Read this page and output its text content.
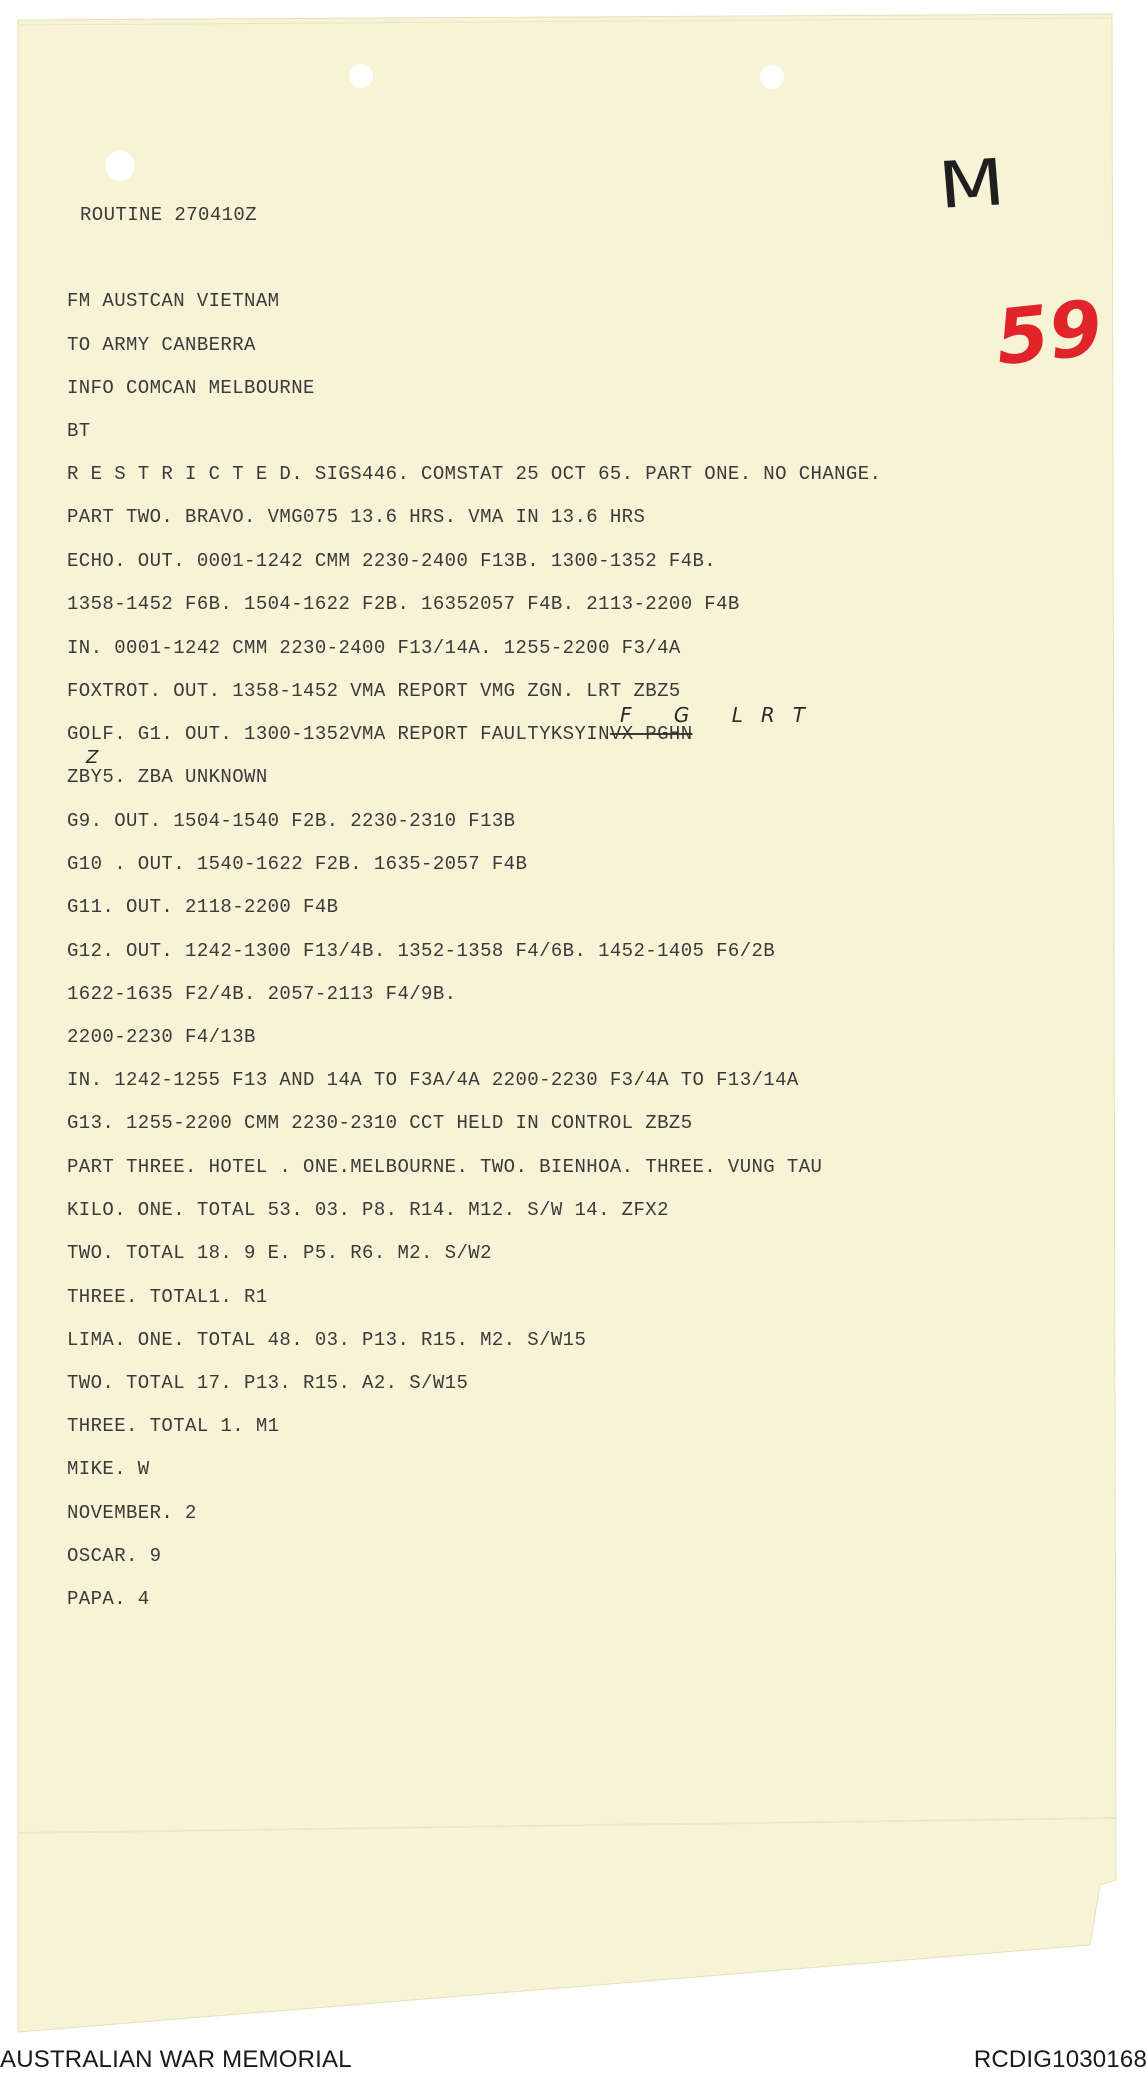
ROUTINE 270410Z
FM AUSTCAN VIETNAM
TO ARMY CANBERRA
INFO COMCAN MELBOURNE
BT
R E S T R I C T E D. SIGS446. COMSTAT 25 OCT 65. PART ONE. NO CHANGE.
PART TWO. BRAVO. VMG075 13.6 HRS. VMA IN 13.6 HRS
ECHO. OUT. 0001-1242 CMM 2230-2400 F13B. 1300-1352 F4B.
1358-1452 F6B. 1504-1622 F2B. 16352057 F4B. 2113-2200 F4B
IN. 0001-1242 CMM 2230-2400 F13/14A. 1255-2200 F3/4A
FOXTROT. OUT. 1358-1452 VMA REPORT VMG ZGN. LRT ZBZ5
GOLF. G1. OUT. 1300-1352VMA REPORT FAULTYKSYINVX PGHN
ZBY5. ZBA UNKNOWN
G9. OUT. 1504-1540 F2B. 2230-2310 F13B
G10 . OUT. 1540-1622 F2B. 1635-2057 F4B
G11. OUT. 2118-2200 F4B
G12. OUT. 1242-1300 F13/4B. 1352-1358 F4/6B. 1452-1405 F6/2B
1622-1635 F2/4B. 2057-2113 F4/9B.
2200-2230 F4/13B
IN. 1242-1255 F13 AND 14A TO F3A/4A 2200-2230 F3/4A TO F13/14A
G13. 1255-2200 CMM 2230-2310 CCT HELD IN CONTROL ZBZ5
PART THREE. HOTEL . ONE.MELBOURNE. TWO. BIENHOA. THREE. VUNG TAU
KILO. ONE. TOTAL 53. 03. P8. R14. M12. S/W 14. ZFX2
TWO. TOTAL 18. 9 E. P5. R6. M2. S/W2
THREE. TOTAL1. R1
LIMA. ONE. TOTAL 48. 03. P13. R15. M2. S/W15
TWO. TOTAL 17. P13. R15. A2. S/W15
THREE. TOTAL 1. M1
MIKE. W
NOVEMBER. 2
OSCAR. 9
PAPA. 4
F G LRT
Z
M
59
AUSTRALIAN WAR MEMORIAL	RCDIG1030168
